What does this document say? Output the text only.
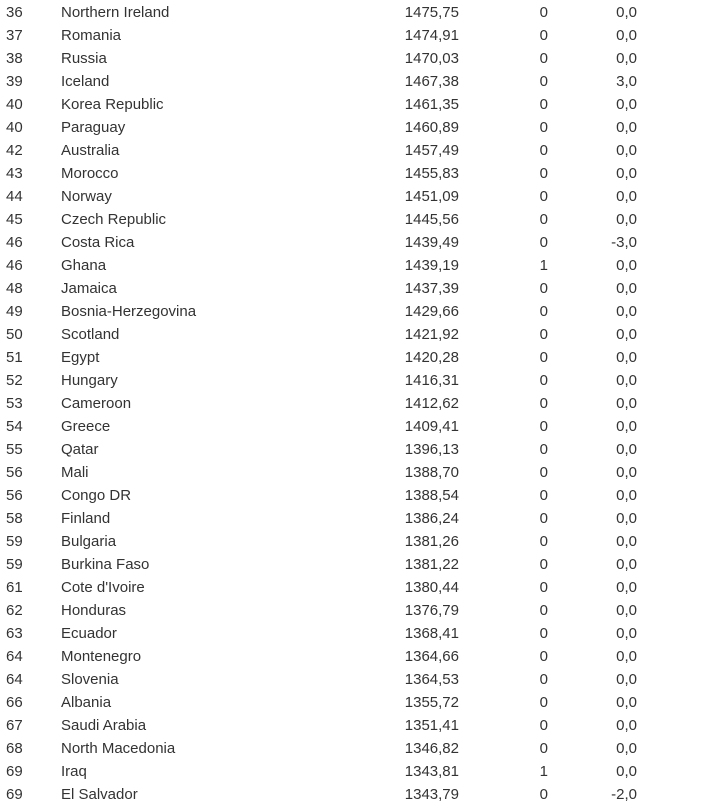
36	Northern Ireland	1475,75	0	0,0	
37	Romania	1474,91	0	0,0	
38	Russia	1470,03	0	0,0	
39	Iceland	1467,38	0	3,0	
40	Korea Republic	1461,35	0	0,0	
40	Paraguay	1460,89	0	0,0	
42	Australia	1457,49	0	0,0	
43	Morocco	1455,83	0	0,0	
44	Norway	1451,09	0	0,0	
45	Czech Republic	1445,56	0	0,0	
46	Costa Rica	1439,49	0	-3,0	
46	Ghana	1439,19	1	0,0	
48	Jamaica	1437,39	0	0,0	
49	Bosnia-Herzegovina	1429,66	0	0,0	
50	Scotland	1421,92	0	0,0	
51	Egypt	1420,28	0	0,0	
52	Hungary	1416,31	0	0,0	
53	Cameroon	1412,62	0	0,0	
54	Greece	1409,41	0	0,0	
55	Qatar	1396,13	0	0,0	
56	Mali	1388,70	0	0,0	
56	Congo DR	1388,54	0	0,0	
58	Finland	1386,24	0	0,0	
59	Bulgaria	1381,26	0	0,0	
59	Burkina Faso	1381,22	0	0,0	
61	Cote d'Ivoire	1380,44	0	0,0	
62	Honduras	1376,79	0	0,0	
63	Ecuador	1368,41	0	0,0	
64	Montenegro	1364,66	0	0,0	
64	Slovenia	1364,53	0	0,0	
66	Albania	1355,72	0	0,0	
67	Saudi Arabia	1351,41	0	0,0	
68	North Macedonia	1346,82	0	0,0	
69	Iraq	1343,81	1	0,0	
69	El Salvador	1343,79	0	-2,0	
